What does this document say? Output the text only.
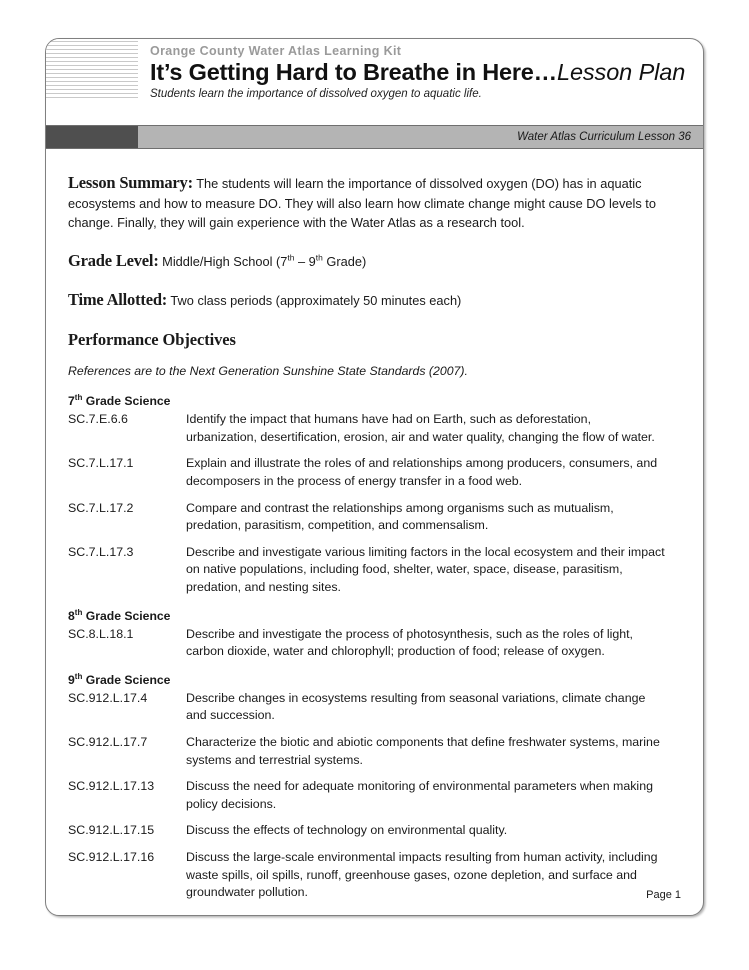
Orange County Water Atlas Learning Kit
It’s Getting Hard to Breathe in Here…Lesson Plan
Students learn the importance of dissolved oxygen to aquatic life.
Water Atlas Curriculum Lesson 36

Lesson Summary: The students will learn the importance of dissolved oxygen (DO) has in aquatic ecosystems and how to measure DO. They will also learn how climate change might cause DO levels to change. Finally, they will gain experience with the Water Atlas as a research tool.

Grade Level: Middle/High School (7th – 9th Grade)

Time Allotted: Two class periods (approximately 50 minutes each)

Performance Objectives

References are to the Next Generation Sunshine State Standards (2007).

7th Grade Science
SC.7.E.6.6	Identify the impact that humans have had on Earth, such as deforestation, urbanization, desertification, erosion, air and water quality, changing the flow of water.
SC.7.L.17.1	Explain and illustrate the roles of and relationships among producers, consumers, and decomposers in the process of energy transfer in a food web.
SC.7.L.17.2	Compare and contrast the relationships among organisms such as mutualism, predation, parasitism, competition, and commensalism.
SC.7.L.17.3	Describe and investigate various limiting factors in the local ecosystem and their impact on native populations, including food, shelter, water, space, disease, parasitism, predation, and nesting sites.
8th Grade Science
SC.8.L.18.1	Describe and investigate the process of photosynthesis, such as the roles of light, carbon dioxide, water and chlorophyll; production of food; release of oxygen.
9th Grade Science
SC.912.L.17.4	Describe changes in ecosystems resulting from seasonal variations, climate change and succession.
SC.912.L.17.7	Characterize the biotic and abiotic components that define freshwater systems, marine systems and terrestrial systems.
SC.912.L.17.13	Discuss the need for adequate monitoring of environmental parameters when making policy decisions.
SC.912.L.17.15	Discuss the effects of technology on environmental quality.
SC.912.L.17.16	Discuss the large-scale environmental impacts resulting from human activity, including waste spills, oil spills, runoff, greenhouse gases, ozone depletion, and surface and groundwater pollution.	Page 1
